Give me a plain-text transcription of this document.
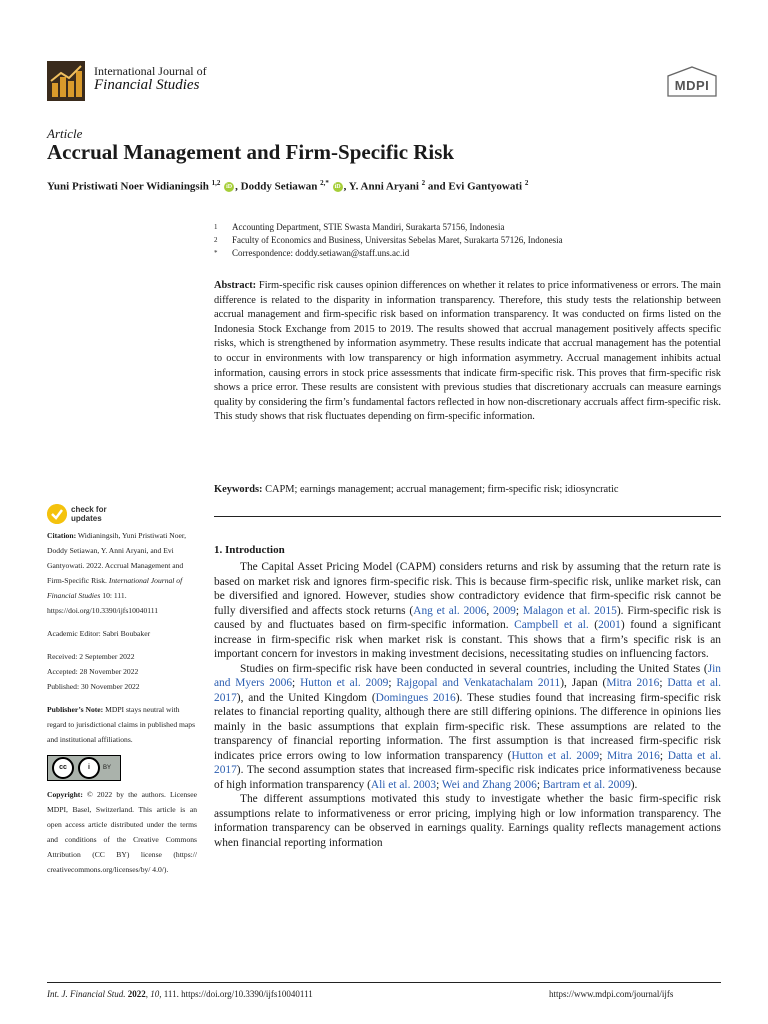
International Journal of
Financial Studies	MDPI
Article
Accrual Management and Firm-Specific Risk
Yuni Pristiwati Noer Widianingsih $^{1,2}$ iD , Doddy Setiawan $^{2,*}$ iD , Y. Anni Aryani $^2$ and Evi Gantyowati $^2$
1	Accounting Department, STIE Swasta Mandiri, Surakarta 57156, Indonesia
2	Faculty of Economics and Business, Universitas Sebelas Maret, Surakarta 57126, Indonesia
*	Correspondence: doddy.setiawan@staff.uns.ac.id
Abstract: Firm-specific risk causes opinion differences on whether it relates to price informativeness or errors. The main difference is related to the disparity in information transparency. Therefore, this study tests the relationship between accrual management and firm-specific risk based on information transparency. It was conducted on firms listed on the Indonesia Stock Exchange from 2015 to 2019. The results showed that accrual management positively affects specific risks, which is strengthened by information asymmetry. These results indicate that accrual management has the potential to occur in environments with low transparency or high information asymmetry. Accrual management inhibits actual information, causing errors in stock price assessments that indicate firm-specific risk. This proves that firm-specific risk shows a price error. These results are consistent with previous studies that discretionary accruals can measure earnings quality by considering the firm’s fundamental factors reflected in how non-discretionary accruals affect firm-specific risk. This study shows that risk fluctuates depending on firm-specific information.
Keywords: CAPM; earnings management; accrual management; firm-specific risk; idiosyncratic
check for
updates

Citation: Widianingsih, Yuni Pristiwati Noer, Doddy Setiawan, Y. Anni Aryani, and Evi Gantyowati. 2022. Accrual Management and Firm-Specific Risk. International Journal of Financial Studies 10: 111. https://doi.org/10.3390/ijfs10040111

Academic Editor: Sabri Boubaker

Received: 2 September 2022

Accepted: 28 November 2022

Published: 30 November 2022

Publisher’s Note: MDPI stays neutral with regard to jurisdictional claims in published maps and institutional affiliations.

cc	i	BY

Copyright: © 2022 by the authors. Licensee MDPI, Basel, Switzerland. This article is an open access article distributed under the terms and conditions of the Creative Commons Attribution (CC BY) license (https:// creativecommons.org/licenses/by/ 4.0/).

1. Introduction

The Capital Asset Pricing Model (CAPM) considers returns and risk by assuming that the return rate is based on market risk and ignores firm-specific risk. This is because firm-specific risk, unlike market risk, can be diversified and ignored. However, studies show contradictory evidence that firm-specific risk cannot be fully diversified and affects stock returns (Ang et al. 2006, 2009; Malagon et al. 2015). Firm-specific risk is caused by and fluctuates based on firm-specific information. Campbell et al. (2001) found a significant increase in firm-specific risk when market risk is constant. This shows that a firm’s specific risk is an important concern for investors in making investment decisions, necessitating studies on influencing factors.

Studies on firm-specific risk have been conducted in several countries, including the United States (Jin and Myers 2006; Hutton et al. 2009; Rajgopal and Venkatachalam 2011), Japan (Mitra 2016; Datta et al. 2017), and the United Kingdom (Domingues 2016). These studies found that increasing firm-specific risk relates to financial reporting quality, although there are still differing opinions. The difference in opinions lies mainly in the basic assumptions that explain firm-specific risk. These assumptions are related to the transparency of financial reporting information. The first assumption is that increased firm-specific risk indicates price errors owing to low information transparency (Hutton et al. 2009; Mitra 2016; Datta et al. 2017). The second assumption states that increased firm-specific risk indicates price informativeness because of high information transparency (Ali et al. 2003; Wei and Zhang 2006; Bartram et al. 2009).

The different assumptions motivated this study to investigate whether the basic firm-specific risk assumptions relate to informativeness or error pricing, implying high or low information transparency. The information transparency can be observed in earnings quality. Earnings quality reflects management actions when financial reporting information

Int. J. Financial Stud. 2022, 10, 111. https://doi.org/10.3390/ijfs10040111	https://www.mdpi.com/journal/ijfs
